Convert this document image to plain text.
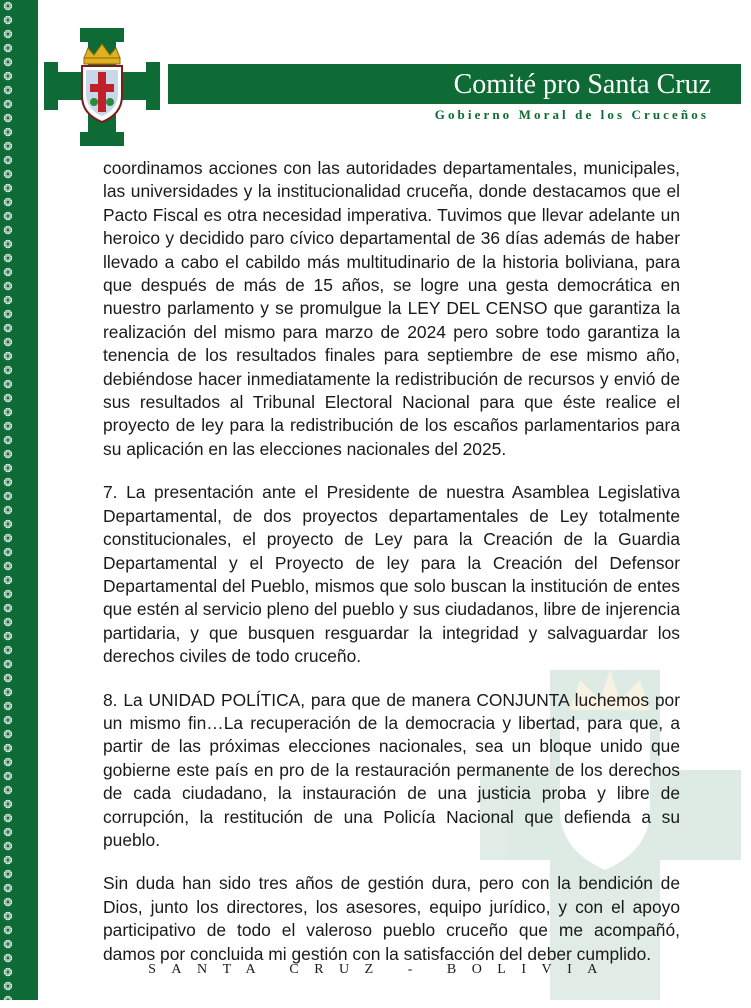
❂
❂
❂
❂
❂
❂
❂
❂
❂
❂
❂
❂
❂
❂
❂
❂
❂
❂
❂
❂
❂
❂
❂
❂
❂
❂
❂
❂
❂
❂
❂
❂
❂
❂
❂
❂
❂
❂
❂
❂
❂
❂
❂
❂
❂
❂
❂
❂
❂
❂
❂
❂
❂
❂
❂
❂
❂
❂
❂
❂
❂
❂
❂
❂
❂
❂
❂
❂
❂
❂
❂
❂
Comité pro Santa Cruz
Gobierno Moral de los Cruceños

coordinamos acciones con las autoridades departamentales, municipales, las universidades y la institucionalidad cruceña, donde destacamos que el Pacto Fiscal es otra necesidad imperativa. Tuvimos que llevar adelante un heroico y decidido paro cívico departamental de 36 días además de haber llevado a cabo el cabildo más multitudinario de la historia boliviana, para que después de más de 15 años, se logre una gesta democrática en nuestro parlamento y se promulgue la LEY DEL CENSO que garantiza la realización del mismo para marzo de 2024 pero sobre todo garantiza la tenencia de los resultados finales para septiembre de ese mismo año, debiéndose hacer inmediatamente la redistribución de recursos y envió de sus resultados al Tribunal Electoral Nacional para que éste realice el proyecto de ley para la redistribución de los escaños parlamentarios para su aplicación en las elecciones nacionales del 2025.

7. La presentación ante el Presidente de nuestra Asamblea Legislativa Departamental, de dos proyectos departamentales de Ley totalmente constitucionales, el proyecto de Ley para la Creación de la Guardia Departamental y el Proyecto de ley para la Creación del Defensor Departamental del Pueblo, mismos que solo buscan la institución de entes que estén al servicio pleno del pueblo y sus ciudadanos, libre de injerencia partidaria, y que busquen resguardar la integridad y salvaguardar los derechos civiles de todo cruceño.

8. La UNIDAD POLÍTICA, para que de manera CONJUNTA luchemos por un mismo fin…La recuperación de la democracia y libertad, para que, a partir de las próximas elecciones nacionales, sea un bloque unido que gobierne este país en pro de la restauración permanente de los derechos de cada ciudadano, la instauración de una justicia proba y libre de corrupción, la restitución de una Policía Nacional que defienda a su pueblo.

Sin duda han sido tres años de gestión dura, pero con la bendición de Dios, junto los directores, los asesores, equipo jurídico, y con el apoyo participativo de todo el valeroso pueblo cruceño que me acompañó, damos por concluida mi gestión con la satisfacción del deber cumplido.

SANTA CRUZ - BOLIVIA
